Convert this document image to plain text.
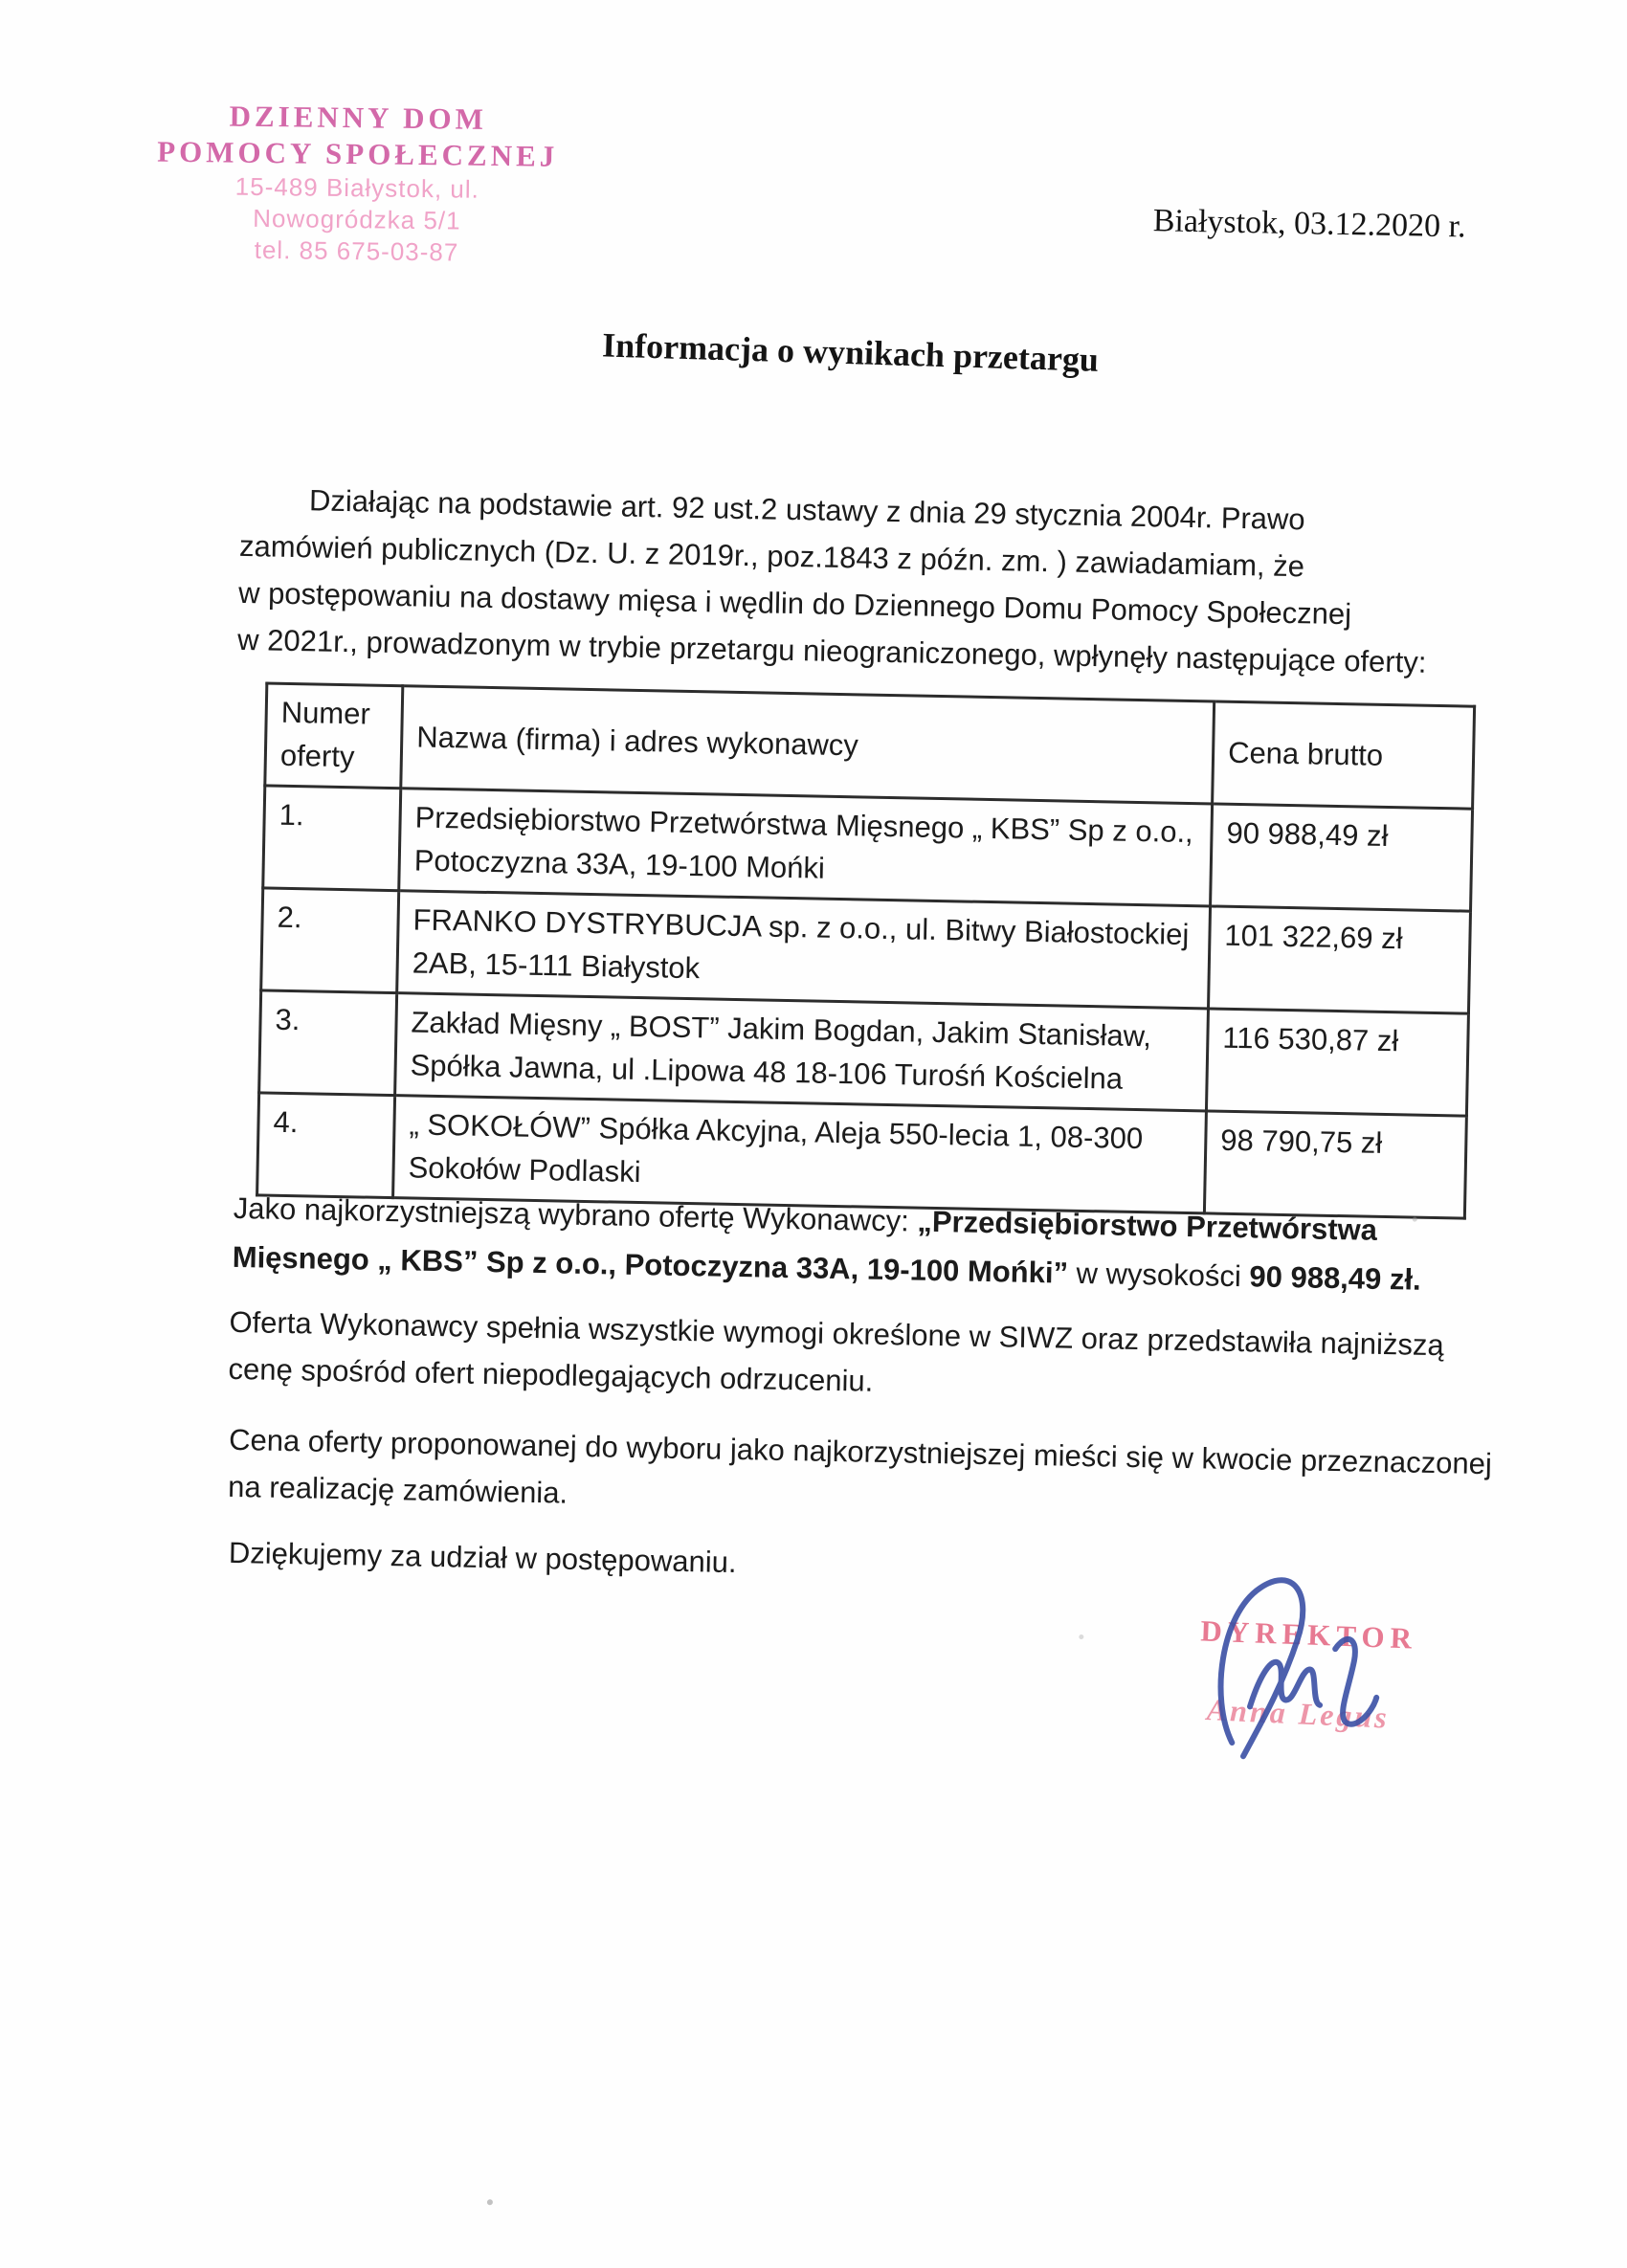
DZIENNY DOM
POMOCY SPOŁECZNEJ
15-489 Białystok, ul. Nowogródzka 5/1
tel. 85 675-03-87
Białystok, 03.12.2020 r.
Informacja o wynikach przetargu
Działając na podstawie art. 92 ust.2 ustawy z dnia 29 stycznia 2004r. Prawo
zamówień publicznych (Dz. U. z 2019r., poz.1843 z późn. zm. ) zawiadamiam, że
w postępowaniu na dostawy mięsa i wędlin do Dziennego Domu Pomocy Społecznej
w 2021r., prowadzonym w trybie przetargu nieograniczonego, wpłynęły następujące oferty:
Numer oferty	Nazwa (firma) i adres wykonawcy	Cena brutto
1.	Przedsiębiorstwo Przetwórstwa Mięsnego „ KBS” Sp z o.o., Potoczyzna 33A, 19-100 Mońki	90 988,49 zł
2.	FRANKO DYSTRYBUCJA sp. z o.o., ul. Bitwy Białostockiej 2AB, 15-111 Białystok	101 322,69 zł
3.	Zakład Mięsny „ BOST” Jakim Bogdan, Jakim Stanisław, Spółka Jawna, ul .Lipowa 48 18-106 Turośń Kościelna	116 530,87 zł
4.	„ SOKOŁÓW” Spółka Akcyjna, Aleja 550-lecia 1, 08-300 Sokołów Podlaski	98 790,75 zł
Jako najkorzystniejszą wybrano ofertę Wykonawcy: „Przedsiębiorstwo Przetwórstwa Mięsnego „ KBS” Sp z o.o., Potoczyzna 33A, 19-100 Mońki” w wysokości 90 988,49 zł.
Oferta Wykonawcy spełnia wszystkie wymogi określone w SIWZ oraz przedstawiła najniższą cenę spośród ofert niepodlegających odrzuceniu.
Cena oferty proponowanej do wyboru jako najkorzystniejszej mieści się w kwocie przeznaczonej na realizację zamówienia.
Dziękujemy za udział w postępowaniu.
DYREKTOR
Anna Legus
